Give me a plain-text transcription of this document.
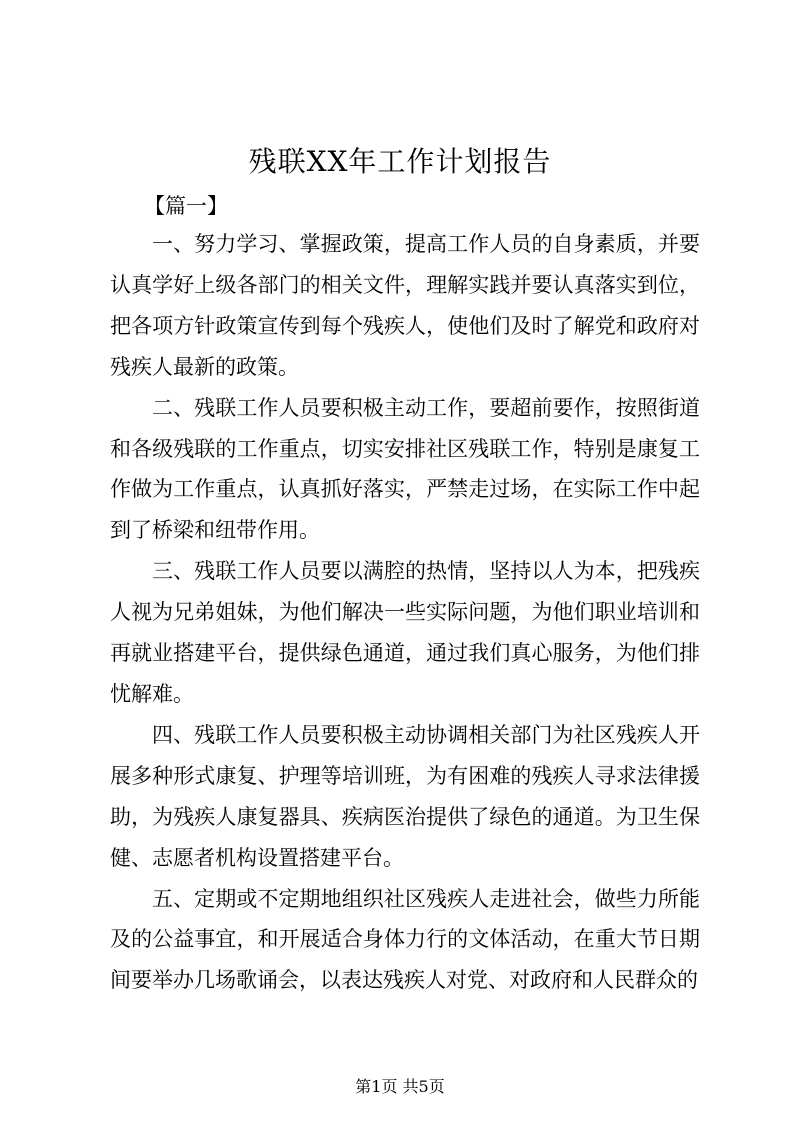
残联XX年工作计划报告
【篇一】

一、努力学习、掌握政策，提高工作人员的自身素质，并要认真学好上级各部门的相关文件，理解实践并要认真落实到位，把各项方针政策宣传到每个残疾人，使他们及时了解党和政府对残疾人最新的政策。

二、残联工作人员要积极主动工作，要超前要作，按照街道和各级残联的工作重点，切实安排社区残联工作，特别是康复工作做为工作重点，认真抓好落实，严禁走过场，在实际工作中起到了桥梁和纽带作用。

三、残联工作人员要以满腔的热情，坚持以人为本，把残疾人视为兄弟姐妹，为他们解决一些实际问题，为他们职业培训和再就业搭建平台，提供绿色通道，通过我们真心服务，为他们排忧解难。

四、残联工作人员要积极主动协调相关部门为社区残疾人开展多种形式康复、护理等培训班，为有困难的残疾人寻求法律援助，为残疾人康复器具、疾病医治提供了绿色的通道。为卫生保健、志愿者机构设置搭建平台。

五、定期或不定期地组织社区残疾人走进社会，做些力所能及的公益事宜，和开展适合身体力行的文体活动，在重大节日期间要举办几场歌诵会，以表达残疾人对党、对政府和人民群众的

第1页 共5页
